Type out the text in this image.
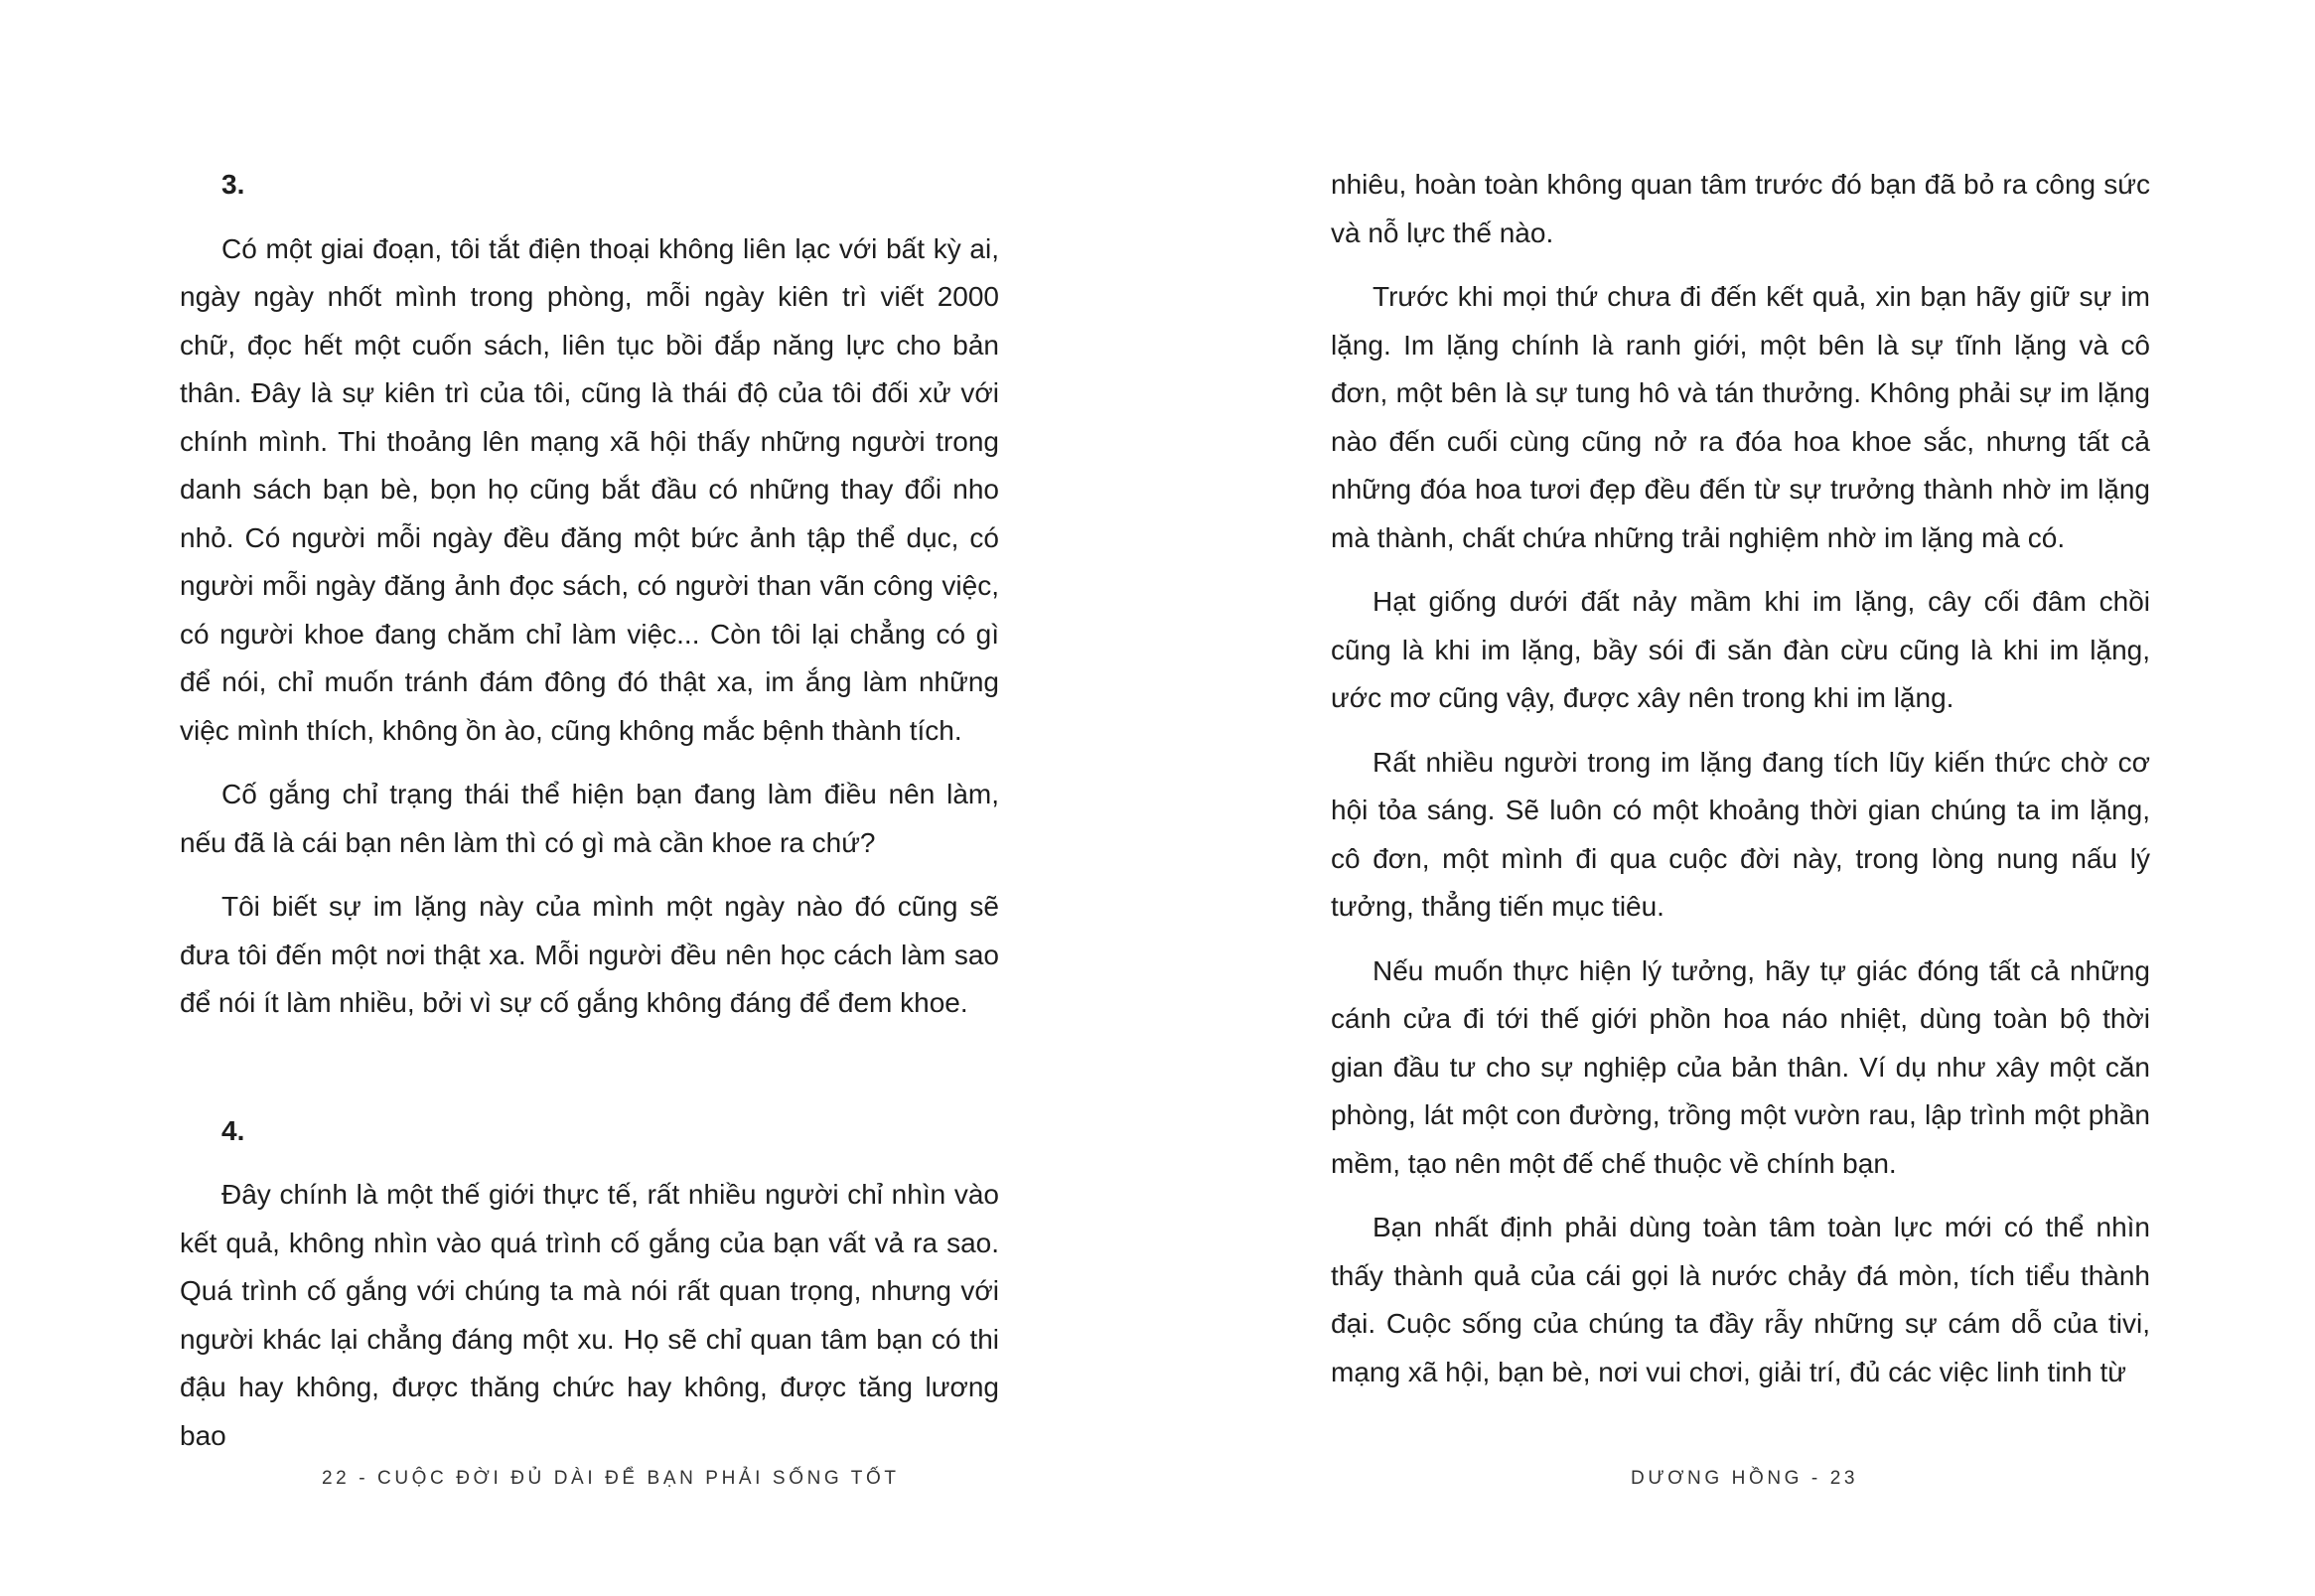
3.

Có một giai đoạn, tôi tắt điện thoại không liên lạc với bất kỳ ai, ngày ngày nhốt mình trong phòng, mỗi ngày kiên trì viết 2000 chữ, đọc hết một cuốn sách, liên tục bồi đắp năng lực cho bản thân. Đây là sự kiên trì của tôi, cũng là thái độ của tôi đối xử với chính mình. Thi thoảng lên mạng xã hội thấy những người trong danh sách bạn bè, bọn họ cũng bắt đầu có những thay đổi nho nhỏ. Có người mỗi ngày đều đăng một bức ảnh tập thể dục, có người mỗi ngày đăng ảnh đọc sách, có người than vãn công việc, có người khoe đang chăm chỉ làm việc... Còn tôi lại chẳng có gì để nói, chỉ muốn tránh đám đông đó thật xa, im ắng làm những việc mình thích, không ồn ào, cũng không mắc bệnh thành tích.

Cố gắng chỉ trạng thái thể hiện bạn đang làm điều nên làm, nếu đã là cái bạn nên làm thì có gì mà cần khoe ra chứ?

Tôi biết sự im lặng này của mình một ngày nào đó cũng sẽ đưa tôi đến một nơi thật xa. Mỗi người đều nên học cách làm sao để nói ít làm nhiều, bởi vì sự cố gắng không đáng để đem khoe.

4.

Đây chính là một thế giới thực tế, rất nhiều người chỉ nhìn vào kết quả, không nhìn vào quá trình cố gắng của bạn vất vả ra sao. Quá trình cố gắng với chúng ta mà nói rất quan trọng, nhưng với người khác lại chẳng đáng một xu. Họ sẽ chỉ quan tâm bạn có thi đậu hay không, được thăng chức hay không, được tăng lương bao

22 - CUỘC ĐỜI ĐỦ DÀI ĐỂ BẠN PHẢI SỐNG TỐT

nhiêu, hoàn toàn không quan tâm trước đó bạn đã bỏ ra công sức và nỗ lực thế nào.

Trước khi mọi thứ chưa đi đến kết quả, xin bạn hãy giữ sự im lặng. Im lặng chính là ranh giới, một bên là sự tĩnh lặng và cô đơn, một bên là sự tung hô và tán thưởng. Không phải sự im lặng nào đến cuối cùng cũng nở ra đóa hoa khoe sắc, nhưng tất cả những đóa hoa tươi đẹp đều đến từ sự trưởng thành nhờ im lặng mà thành, chất chứa những trải nghiệm nhờ im lặng mà có.

Hạt giống dưới đất nảy mầm khi im lặng, cây cối đâm chồi cũng là khi im lặng, bầy sói đi săn đàn cừu cũng là khi im lặng, ước mơ cũng vậy, được xây nên trong khi im lặng.

Rất nhiều người trong im lặng đang tích lũy kiến thức chờ cơ hội tỏa sáng. Sẽ luôn có một khoảng thời gian chúng ta im lặng, cô đơn, một mình đi qua cuộc đời này, trong lòng nung nấu lý tưởng, thẳng tiến mục tiêu.

Nếu muốn thực hiện lý tưởng, hãy tự giác đóng tất cả những cánh cửa đi tới thế giới phồn hoa náo nhiệt, dùng toàn bộ thời gian đầu tư cho sự nghiệp của bản thân. Ví dụ như xây một căn phòng, lát một con đường, trồng một vườn rau, lập trình một phần mềm, tạo nên một đế chế thuộc về chính bạn.

Bạn nhất định phải dùng toàn tâm toàn lực mới có thể nhìn thấy thành quả của cái gọi là nước chảy đá mòn, tích tiểu thành đại. Cuộc sống của chúng ta đầy rẫy những sự cám dỗ của tivi, mạng xã hội, bạn bè, nơi vui chơi, giải trí, đủ các việc linh tinh từ

DƯƠNG HỒNG - 23
